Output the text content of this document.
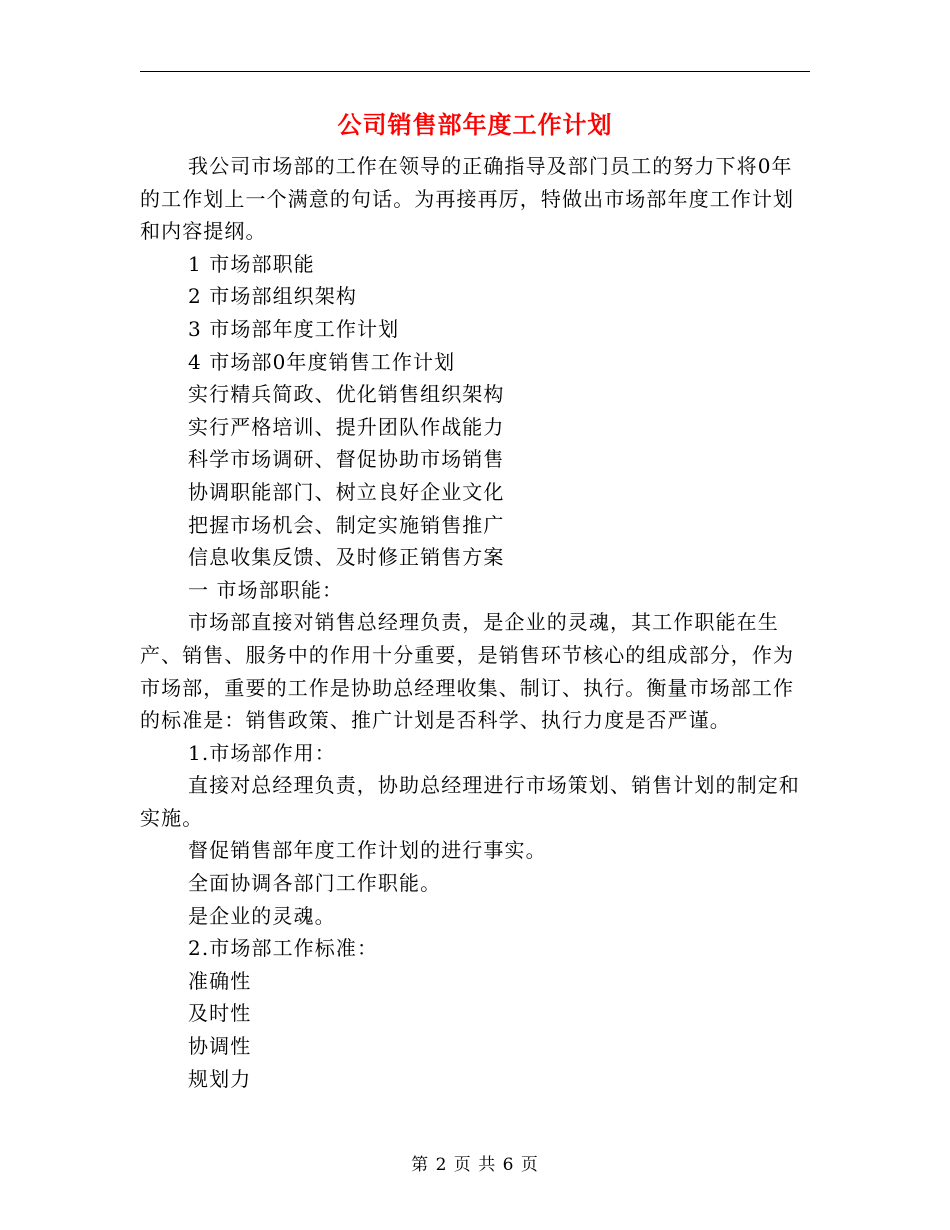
公司销售部年度工作计划

我公司市场部的工作在领导的正确指导及部门员工的努力下将0年的工作划上一个满意的句话。为再接再厉，特做出市场部年度工作计划和内容提纲。

1 市场部职能

2 市场部组织架构

3 市场部年度工作计划

4 市场部0年度销售工作计划

实行精兵简政、优化销售组织架构

实行严格培训、提升团队作战能力

科学市场调研、督促协助市场销售

协调职能部门、树立良好企业文化

把握市场机会、制定实施销售推广

信息收集反馈、及时修正销售方案

一 市场部职能：

市场部直接对销售总经理负责，是企业的灵魂，其工作职能在生产、销售、服务中的作用十分重要，是销售环节核心的组成部分，作为市场部，重要的工作是协助总经理收集、制订、执行。衡量市场部工作的标准是：销售政策、推广计划是否科学、执行力度是否严谨。

1.市场部作用：

直接对总经理负责，协助总经理进行市场策划、销售计划的制定和实施。

督促销售部年度工作计划的进行事实。

全面协调各部门工作职能。

是企业的灵魂。

2.市场部工作标准：

准确性

及时性

协调性

规划力

第 2 页 共 6 页
